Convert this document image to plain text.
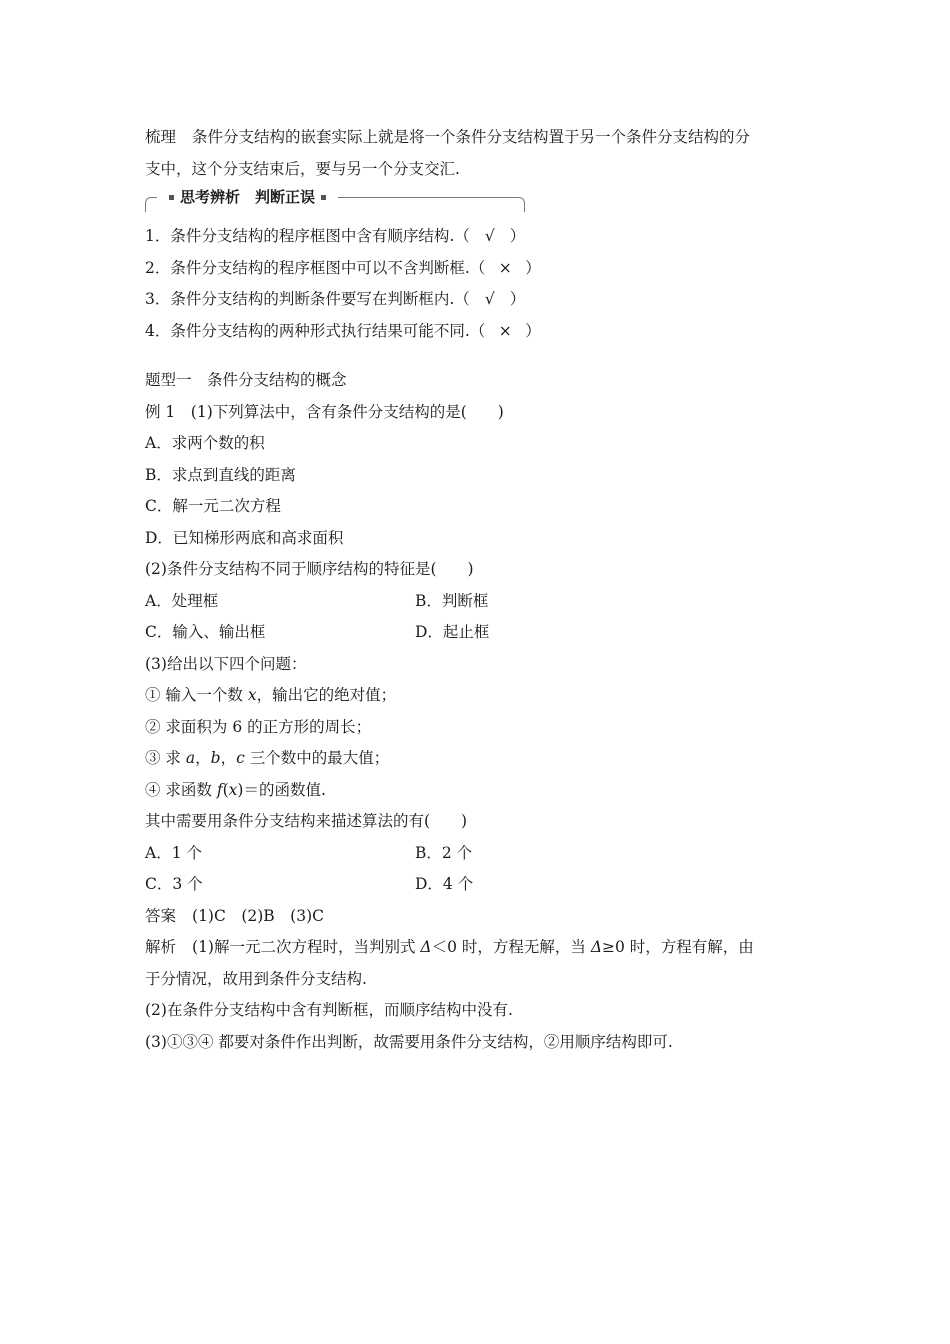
梳理 条件分支结构的嵌套实际上就是将一个条件分支结构置于另一个条件分支结构的分
支中，这个分支结束后，要与另一个分支交汇.
思考辨析　判断正误
1．条件分支结构的程序框图中含有顺序结构.（ √ ）
2．条件分支结构的程序框图中可以不含判断框.（ × ）
3．条件分支结构的判断条件要写在判断框内.（ √ ）
4．条件分支结构的两种形式执行结果可能不同.（ × ）
题型一　条件分支结构的概念
例 1　(1)下列算法中，含有条件分支结构的是(　　)
A．求两个数的积
B．求点到直线的距离
C．解一元二次方程
D．已知梯形两底和高求面积
(2)条件分支结构不同于顺序结构的特征是(　　)
A．处理框	B．判断框
C．输入、输出框	D．起止框
(3)给出以下四个问题：
① 输入一个数 x，输出它的绝对值；
② 求面积为 6 的正方形的周长；
③ 求 a，b，c 三个数中的最大值；
④ 求函数 f(x)＝的函数值.
其中需要用条件分支结构来描述算法的有(　　)
A．1 个	B．2 个
C．3 个	D．4 个
答案 (1)C　(2)B　(3)C
解析 (1)解一元二次方程时，当判别式 Δ＜0 时，方程无解，当 Δ≥0 时，方程有解，由
于分情况，故用到条件分支结构.
(2)在条件分支结构中含有判断框，而顺序结构中没有.
(3)①③④ 都要对条件作出判断，故需要用条件分支结构，②用顺序结构即可.
